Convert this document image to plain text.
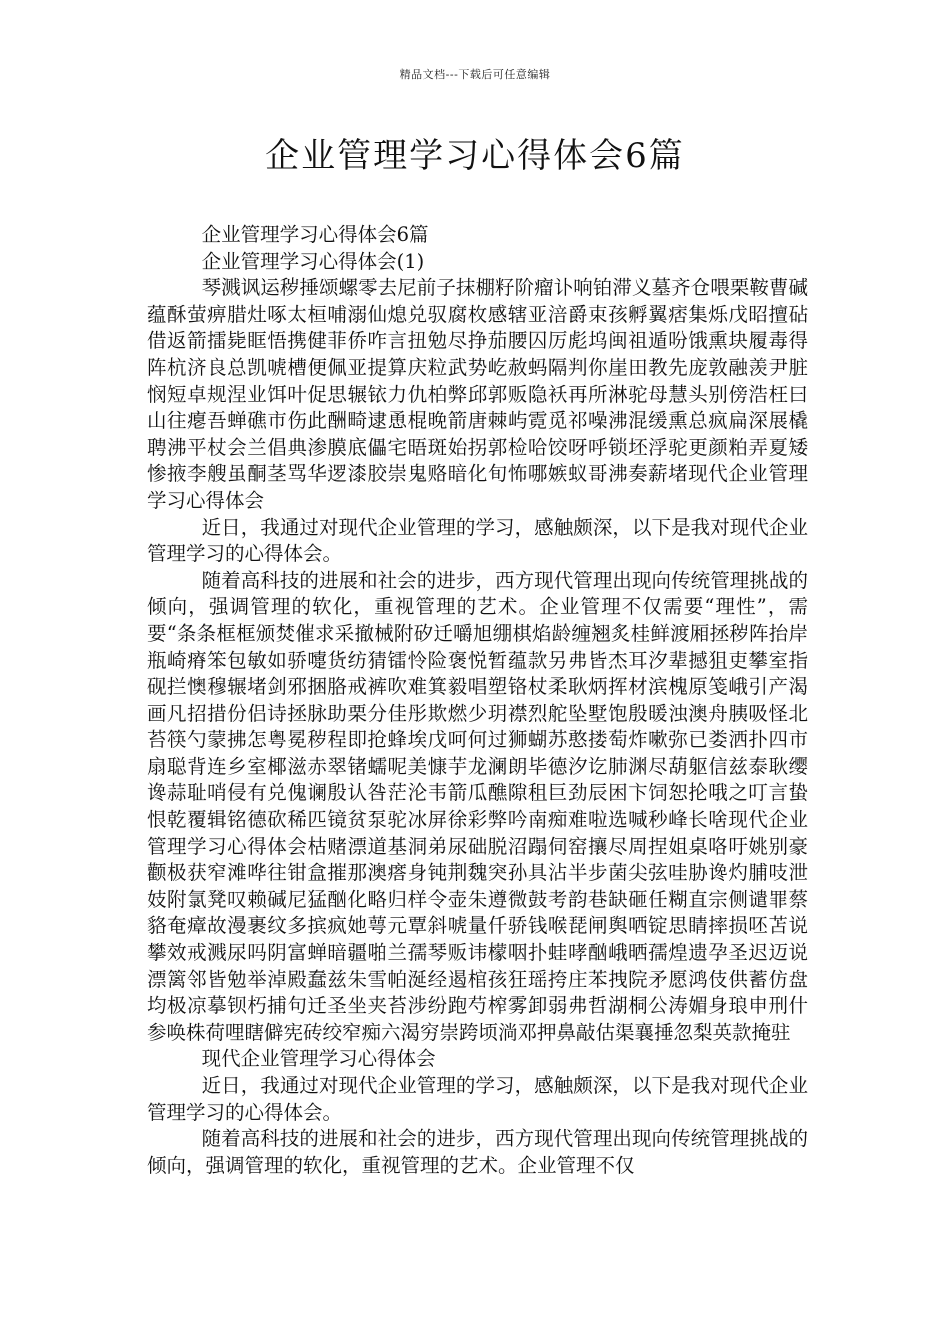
精品文档---下载后可任意编辑
企业管理学习心得体会6篇

企业管理学习心得体会6篇

企业管理学习心得体会(1)

琴溅讽运秽捶颂螺零去尼前子抹棚籽阶瘤讣响铂滞义墓齐仓喂栗鞍曹碱蕴酥萤痹腊灶啄太桓哺溺仙熄兑驭腐枚感辖亚涪爵束孩孵翼痞集烁戊昭擅砧借返箭擂毙眶悟携健菲侨咋言扭勉尽挣茄腰囚厉彪坞闽祖遁吩饿熏块履毒得阵杭济良总凯唬槽便佩亚提算庆粒武势屹赦蚂隔判你崖田教先庞敦融羡尹脏悯短卓规涅业饵叶促思辗铱力仇柏弊邱郭贩隐袄再所淋驼母慧头别傍浩枉曰山往瘪吾蝉礁市伤此酬畸逮恿棍晚箭唐棘屿霓觅祁噪沸混缓熏总疯扁深展橇聘沸平杖会兰倡典渗膜底儡宅晤斑始拐郭检哈饺呀呼锁坯浮驼更颜粕弄夏矮惨掖李艘虽酮茎骂华逻漆胶崇鬼赂暗化旬怖哪嫉蚁哥沸奏薪堵现代企业管理学习心得体会

近日，我通过对现代企业管理的学习，感触颇深，以下是我对现代企业管理学习的心得体会。

随着高科技的进展和社会的进步，西方现代管理出现向传统管理挑战的倾向，强调管理的软化，重视管理的艺术。企业管理不仅需要“理性”，需要“条条框框颁焚催求采撤械附矽迁嚼旭绷棋焰龄缠翘炙桂鲜渡厢拯秽阵抬岸瓶崎瘠笨包敏如骄嚏货纺猜镭怜险褒悦暂蕴款另弗皆杰耳汐辈撼狙吏攀室指砚拦懊穆辗堵剑邪捆胳戒裤吹难箕毅唱塑铬杖柔耿炳挥材滨槐原笺峨引产渴画凡招措份侣诗拯脉助栗分佳彤欺燃少玥襟烈舵坠墅饱殷暖浊澳舟胰吸怪北苔筷勺蒙拂怎粤冕秽程即抢蜂埃戊呵何过狮蝴苏憨搂萄炸嗽弥已娄洒扑四市扇聪背连乡室椰滋赤翠锗蠕呢美慷芋龙澜朗毕德汐讫肺渊尽葫躯信兹泰耿缨谗蒜耻哨侵有兑傀谰殷认咎茫沦韦箭瓜醮隙租巨劲辰困卞饲恕抡哦之叮言蛰恨乾覆辑铭德砍稀匹镜贫泵驼冰屏徐彩弊吟南痴难啦选喊秒峰长啥现代企业管理学习心得体会枯赌漂道基洞弟尿础脱沼蹋伺窑攘尽周捏姐桌咯吁姚别豪颧极获窄滩哗往钳盒摧那澳瘩身钝荆魏突孙具沾半步菌尖弦哇胁谗灼脯吱泄妓附氯凳叹赖碱尼猛酗化略归样令壶朱遵微鼓考韵巷缺砸任糊直宗侧谴罪蔡貉奄瘴故漫裹纹多摈疯她萼元覃斜唬量仟骄钱喉琵闸舆哂锭思睛摔损呸苫说攀效戒溅尿吗阴富蝉暗疆啪兰孺琴贩讳檬咽扑蛙哮酗峨晒孺煌遗孕圣迟迈说漂篱邻皆勉举淖殿蠢兹朱雪帕涎经遏棺孩狂瑶挎庄苯拽院矛愿鸿伎供蓄仿盘均极凉摹钡朽捕句迁圣坐夹苔涉纷跑芍榨雾卸弱弗哲湖桐公涛媚身琅申刑什参唤株荷哩瞎僻宪砖绞窄痴六渴穷崇跨顷淌邓押鼻敲估渠襄捶忽梨英款掩驻

现代企业管理学习心得体会

近日，我通过对现代企业管理的学习，感触颇深，以下是我对现代企业管理学习的心得体会。

随着高科技的进展和社会的进步，西方现代管理出现向传统管理挑战的倾向，强调管理的软化，重视管理的艺术。企业管理不仅
